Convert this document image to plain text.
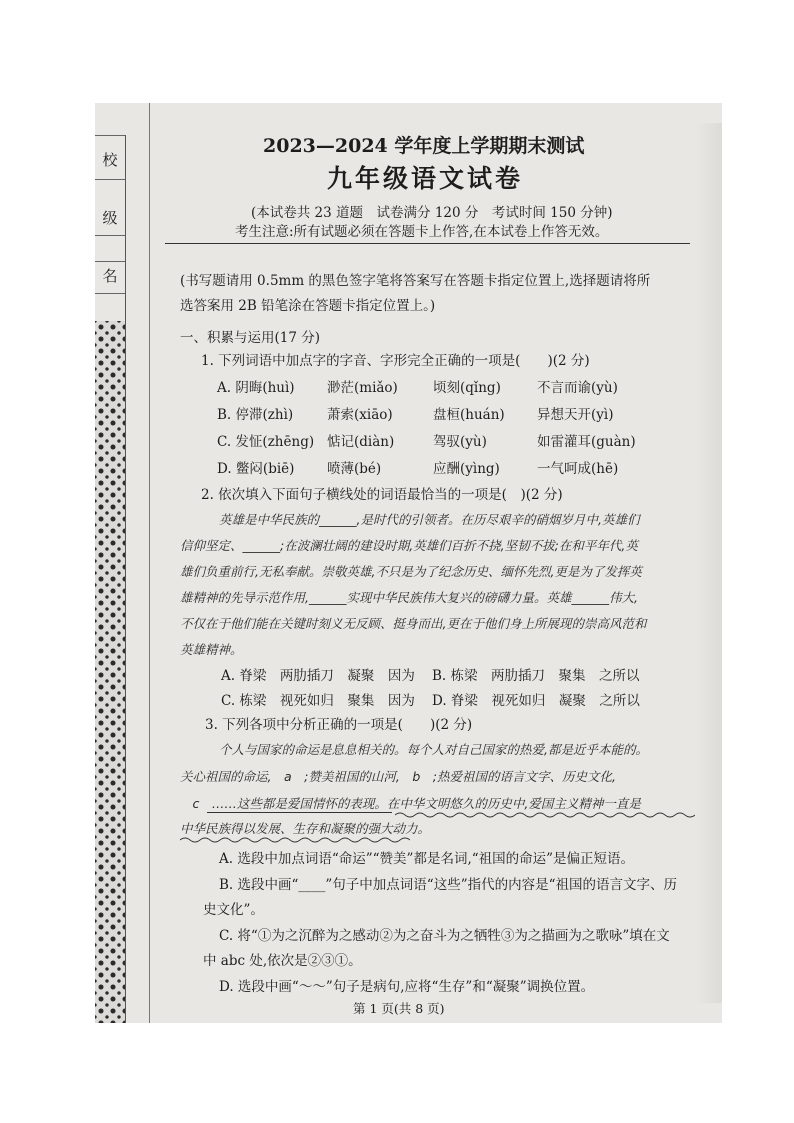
校
级
名
2023—2024 学年度上学期期末测试
九年级语文试卷
(本试卷共 23 道题　试卷满分 120 分　考试时间 150 分钟)
考生注意:所有试题必须在答题卡上作答,在本试卷上作答无效。
(书写题请用 0.5mm 的黑色签字笔将答案写在答题卡指定位置上,选择题请将所
选答案用 2B 铅笔涂在答题卡指定位置上。)
一、积累与运用(17 分)
1. 下列词语中加点字的字音、字形完全正确的一项是(　　)(2 分)
A. 阴晦(huì) 渺茫(miǎo)	顷刻(qǐng)	不言而谕(yù)
B. 停滞(zhì)	萧索(xiāo)	盘桓(huán) 异想天开(yì)
C. 发怔(zhēng) 惦记(diàn)	驾驭(yù)	如雷灌耳(guàn)
D. 鳖闷(biē) 喷薄(bé)	应酬(yìng)	一气呵成(hē)
2. 依次填入下面句子横线处的词语最恰当的一项是(　)(2 分)
英雄是中华民族的______,是时代的引领者。在历尽艰辛的硝烟岁月中,英雄们
信仰坚定、______;在波澜壮阔的建设时期,英雄们百折不挠,坚韧不拔;在和平年代,英
雄们负重前行,无私奉献。崇敬英雄,不只是为了纪念历史、缅怀先烈,更是为了发挥英
雄精神的先导示范作用,______实现中华民族伟大复兴的磅礴力量。英雄______伟大,
不仅在于他们能在关键时刻义无反顾、挺身而出,更在于他们身上所展现的崇高风范和
英雄精神。
A. 脊梁　两肋插刀　凝聚　因为 B. 栋梁　两肋插刀　聚集　之所以
C. 栋梁　视死如归　聚集　因为 D. 脊梁　视死如归　凝聚　之所以
3. 下列各项中分析正确的一项是(　　)(2 分)
个人与国家的命运是息息相关的。每个人对自己国家的热爱,都是近乎本能的。
关心祖国的命运,　a　;赞美祖国的山河,　b　;热爱祖国的语言文字、历史文化,
　c　……这些都是爱国情怀的表现。在中华文明悠久的历史中,爱国主义精神一直是
中华民族得以发展、生存和凝聚的强大动力。
A. 选段中加点词语“命运”“赞美”都是名词,“祖国的命运”是偏正短语。
B. 选段中画“____”句子中加点词语“这些”指代的内容是“祖国的语言文字、历
史文化”。
C. 将“①为之沉醉为之感动②为之奋斗为之牺牲③为之描画为之歌咏”填在文
中 abc 处,依次是②③①。
D. 选段中画“～～”句子是病句,应将“生存”和“凝聚”调换位置。
第 1 页(共 8 页)
